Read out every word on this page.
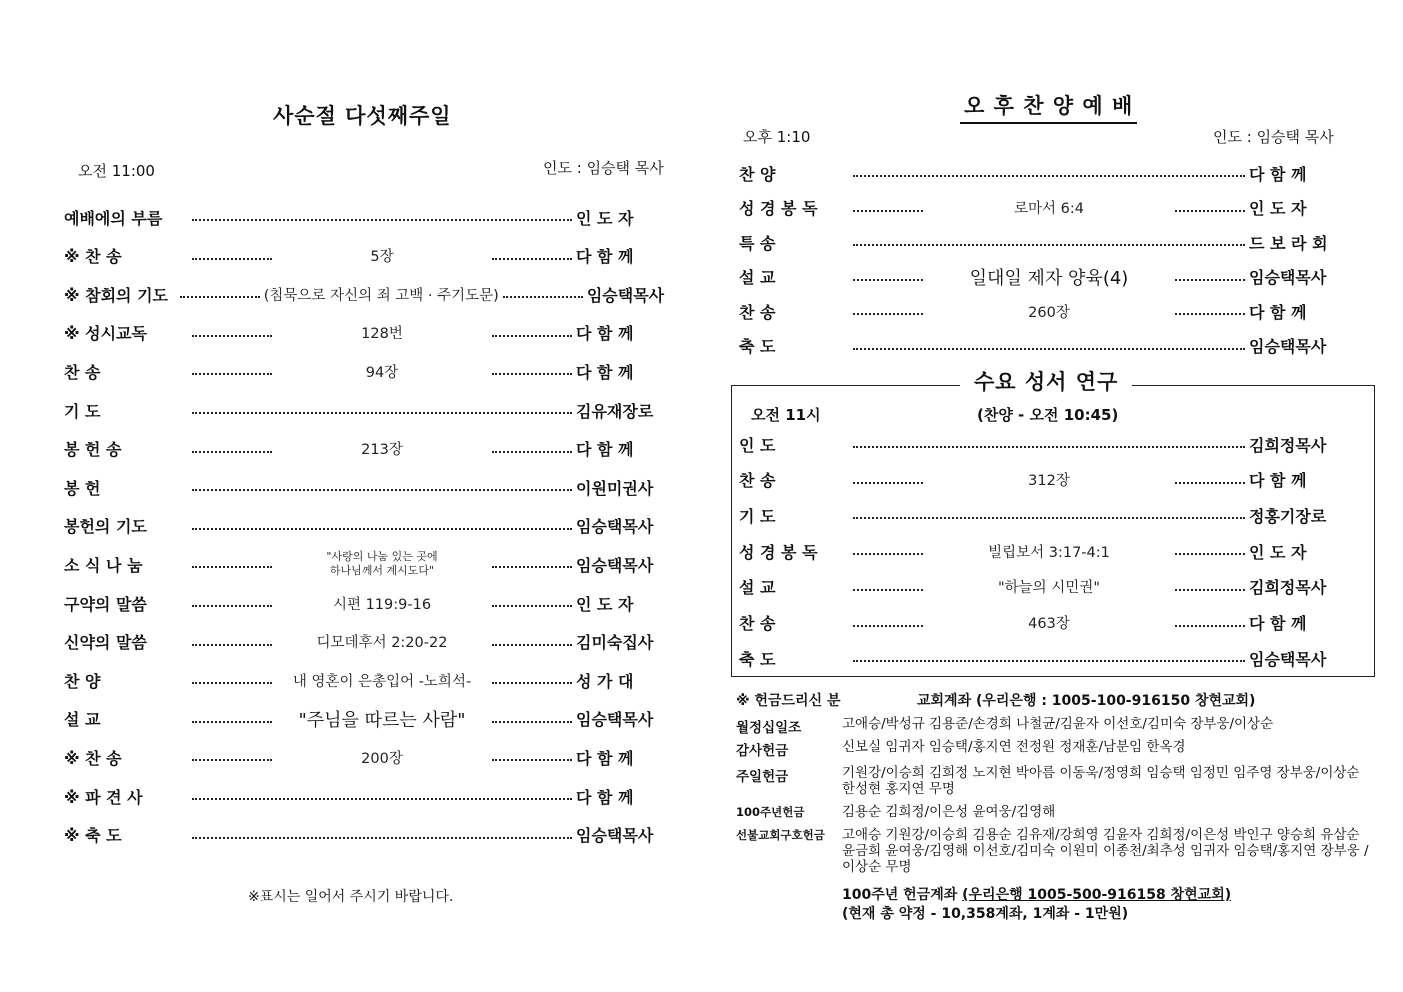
사순절 다섯째주일
오전 11:00	인도 : 임승택 목사
예배에의 부름	인 도 자
※ 찬 송	5장	다 함 께
※ 참회의 기도	(침묵으로 자신의 죄 고백 · 주기도문)	임승택목사
※ 성시교독	128번	다 함 께
찬 송	94장	다 함 께
기 도	김유재장로
봉 헌 송	213장	다 함 께
봉 헌	이원미권사
봉헌의 기도	임승택목사
소 식 나 눔	"사랑의 나눔 있는 곳에
하나님께서 계시도다"	임승택목사
구약의 말씀	시편 119:9-16	인 도 자
신약의 말씀	디모데후서 2:20-22	김미숙집사
찬 양	내 영혼이 은총입어 -노희석-	성 가 대
설 교	"주님을 따르는 사람"	임승택목사
※ 찬 송	200장	다 함 께
※ 파 견 사	다 함 께
※ 축 도	임승택목사
※표시는 일어서 주시기 바랍니다.
오 후 찬 양 예 배
오후 1:10	인도 : 임승택 목사
찬 양	다 함 께
성 경 봉 독	로마서 6:4	인 도 자
특 송	드 보 라 회
설 교	일대일 제자 양육(4)	임승택목사
찬 송	260장	다 함 께
축 도	임승택목사
수요 성서 연구
오전 11시	(찬양 - 오전 10:45)
인 도	김희정목사
찬 송	312장	다 함 께
기 도	정홍기장로
성 경 봉 독	빌립보서 3:17-4:1	인 도 자
설 교	"하늘의 시민권"	김희정목사
찬 송	463장	다 함 께
축 도	임승택목사
※ 헌금드리신 분	교회계좌 (우리은행 : 1005-100-916150 창현교회)
월정십일조	고애승/박성규 김용준/손경희 나철균/김윤자 이선호/김미숙 장부웅/이상순
감사헌금	신보실 임귀자 임승택/홍지연 전정원 정재훈/남분임 한옥경
주일헌금	기원강/이승희 김희정 노지현 박아름 이동욱/정영희 임승택 임정민 임주영 장부웅/이상순 한성현 홍지연 무명
100주년헌금	김용순 김희정/이은성 윤여웅/김영해
선불교회구호헌금	고애승 기원강/이승희 김용순 김유재/강희영 김윤자 김희정/이은성 박인구 양승희 유삼순 윤금희 윤여웅/김영해 이선호/김미숙 이원미 이종천/최추성 임귀자 임승택/홍지연 장부웅 /이상순 무명
100주년 헌금계좌 (우리은행 1005-500-916158 창현교회)
(현재 총 약정 - 10,358계좌, 1계좌 - 1만원)
